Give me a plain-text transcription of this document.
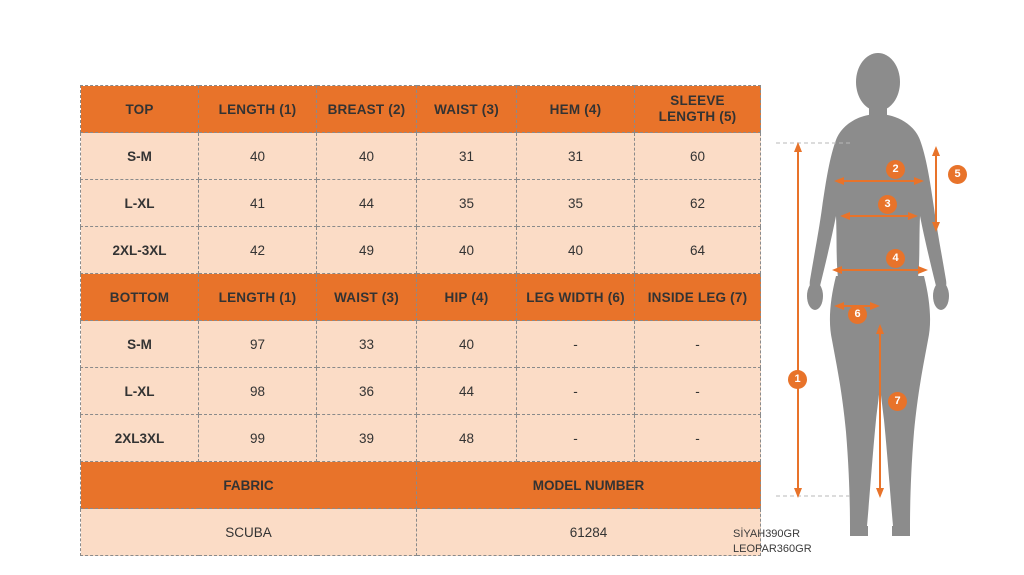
TOP	LENGTH (1)	BREAST (2)	WAIST (3)	HEM (4)	SLEEVE
LENGTH (5)
S-M	40	40	31	31	60
L-XL	41	44	35	35	62
2XL-3XL	42	49	40	40	64
BOTTOM	LENGTH (1)	WAIST (3)	HIP (4)	LEG WIDTH (6)	INSIDE LEG (7)
S-M	97	33	40	-	-
L-XL	98	36	44	-	-
2XL3XL	99	39	48	-	-
FABRIC			MODEL NUMBER		
SCUBA			61284		
1
2
3
4
5
6
7
SİYAH390GR
LEOPAR360GR
